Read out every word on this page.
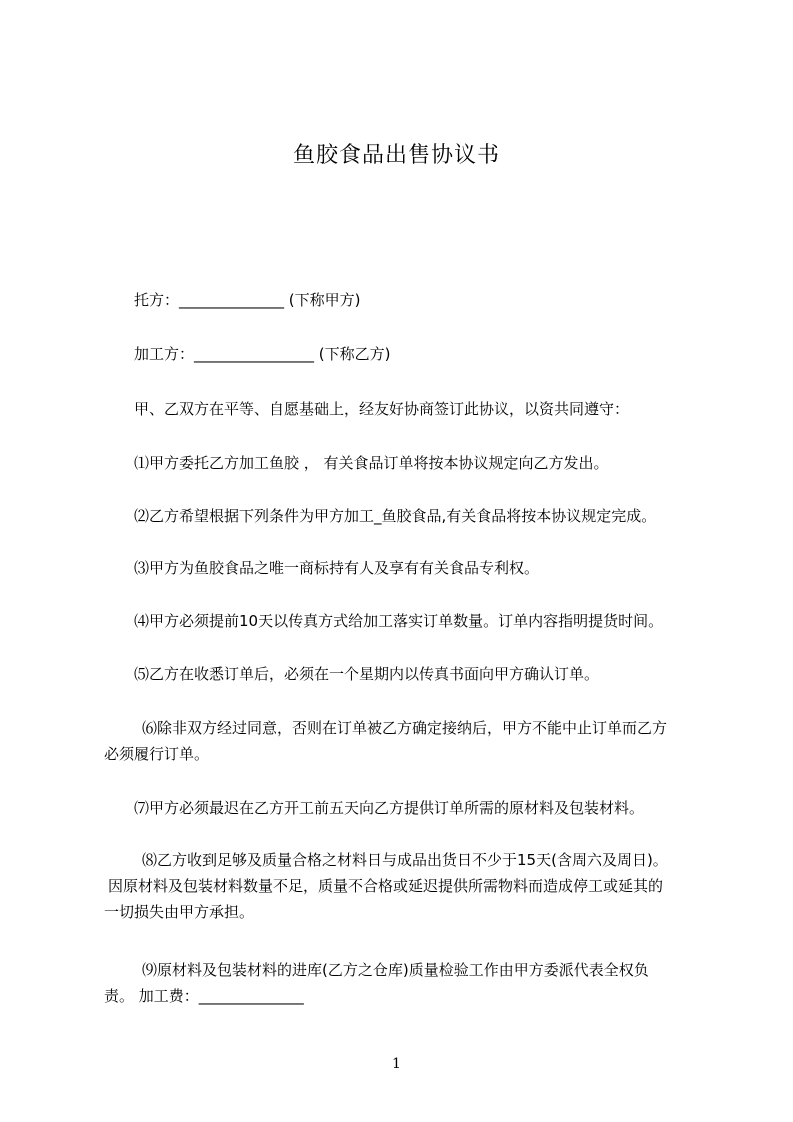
鱼胶食品出售协议书
托方：______________ (下称甲方)
加工方：________________ (下称乙方)
甲、乙双方在平等、自愿基础上，经友好协商签订此协议，以资共同遵守：
⑴甲方委托乙方加工鱼胶 ， 有关食品订单将按本协议规定向乙方发出。
⑵乙方希望根据下列条件为甲方加工_鱼胶食品,有关食品将按本协议规定完成。
⑶甲方为鱼胶食品之唯一商标持有人及享有有关食品专利权。
⑷甲方必须提前10天以传真方式给加工落实订单数量。订单内容指明提货时间。
⑸乙方在收悉订单后，必须在一个星期内以传真书面向甲方确认订单。
⑹除非双方经过同意，否则在订单被乙方确定接纳后，甲方不能中止订单而乙方
必须履行订单。
⑺甲方必须最迟在乙方开工前五天向乙方提供订单所需的原材料及包装材料。
⑻乙方收到足够及质量合格之材料日与成品出货日不少于15天(含周六及周日)。
因原材料及包装材料数量不足，质量不合格或延迟提供所需物料而造成停工或延其的
一切损失由甲方承担。
⑼原材料及包装材料的进库(乙方之仓库)质量检验工作由甲方委派代表全权负
责。 加工费：______________
1
